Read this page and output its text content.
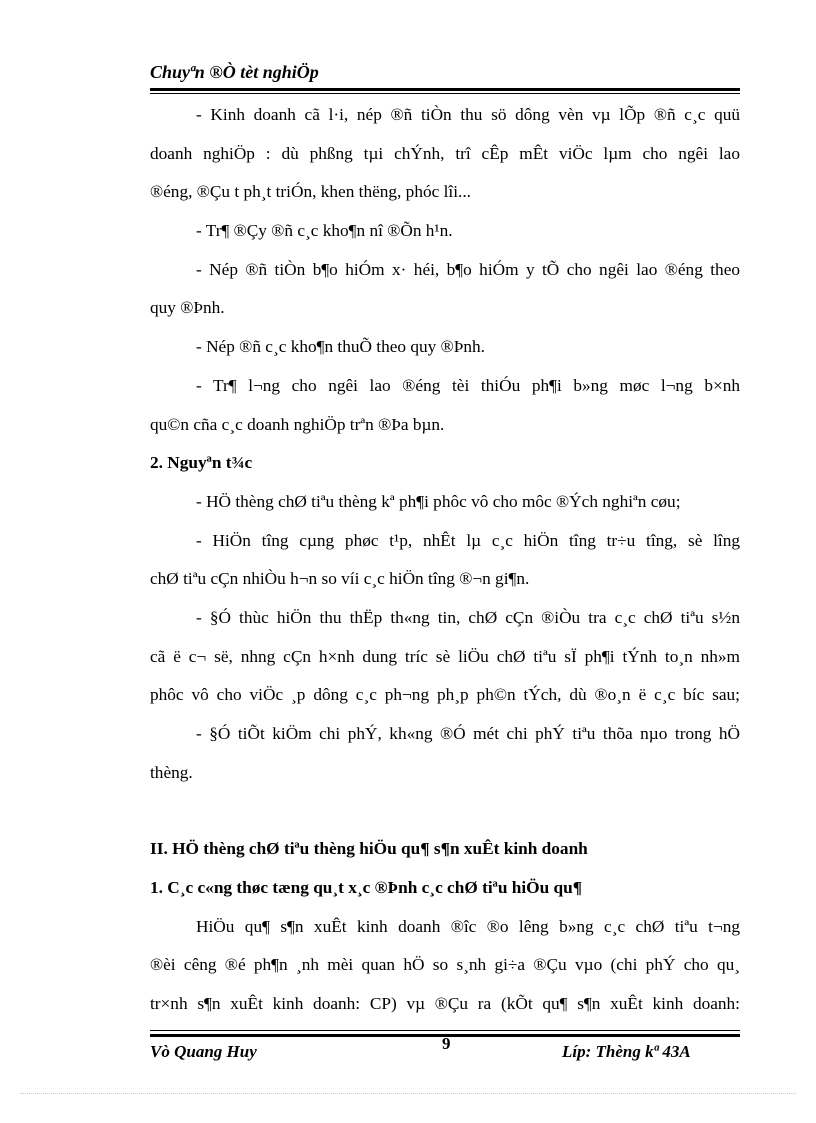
Chuyªn ®Ò tèt nghiÖp
- Kinh doanh cã l·i, nép ®ñ tiÒn thu sö dông vèn vµ lÕp ®ñ c¸c quü
doanh nghiÖp : dù phßng tµi chÝnh, trî cÊp mÊt viÖc lµm cho ngêi lao
®éng, ®Çu t ph¸t triÓn, khen thëng, phóc lîi...
- Tr¶ ®Çy ®ñ c¸c kho¶n nî ®Õn h¹n.
- Nép ®ñ tiÒn b¶o hiÓm x· héi, b¶o hiÓm y tÕ cho ngêi lao ®éng theo
quy ®Þnh.
- Nép ®ñ c¸c kho¶n thuÕ theo quy ®Þnh.
- Tr¶ l¬ng cho ngêi lao ®éng tèi thiÓu ph¶i b»ng møc l¬ng b×nh
qu©n cña c¸c doanh nghiÖp trªn ®Þa bµn.
2. Nguyªn t¾c
- HÖ thèng chØ tiªu thèng kª ph¶i phôc vô cho môc ®Ých nghiªn cøu;
- HiÖn tîng cµng phøc t¹p, nhÊt lµ c¸c hiÖn tîng tr÷u tîng, sè lîng
chØ tiªu cÇn nhiÒu h¬n so víi c¸c hiÖn tîng ®¬n gi¶n.
- §Ó thùc hiÖn thu thËp th«ng tin, chØ cÇn ®iÒu tra c¸c chØ tiªu s½n
cã ë c¬ së, nhng cÇn h×nh dung tríc sè liÖu chØ tiªu sÏ ph¶i tÝnh to¸n nh»m
phôc vô cho viÖc ¸p dông c¸c ph¬ng ph¸p ph©n tÝch, dù ®o¸n ë c¸c bíc sau;
- §Ó tiÕt kiÖm chi phÝ, kh«ng ®Ó mét chi phÝ tiªu thõa nµo trong hÖ
thèng.
II. HÖ thèng chØ tiªu thèng hiÖu qu¶ s¶n xuÊt kinh doanh
1. C¸c c«ng thøc tæng qu¸t x¸c ®Þnh c¸c chØ tiªu hiÖu qu¶
HiÖu qu¶ s¶n xuÊt kinh doanh ®îc ®o lêng b»ng c¸c chØ tiªu t¬ng
®èi cêng ®é ph¶n ¸nh mèi quan hÖ so s¸nh gi÷a ®Çu vµo (chi phÝ cho qu¸
tr×nh s¶n xuÊt kinh doanh: CP) vµ ®Çu ra (kÕt qu¶ s¶n xuÊt kinh doanh:
Vò Quang Huy	9	Líp: Thèng kª 43A
